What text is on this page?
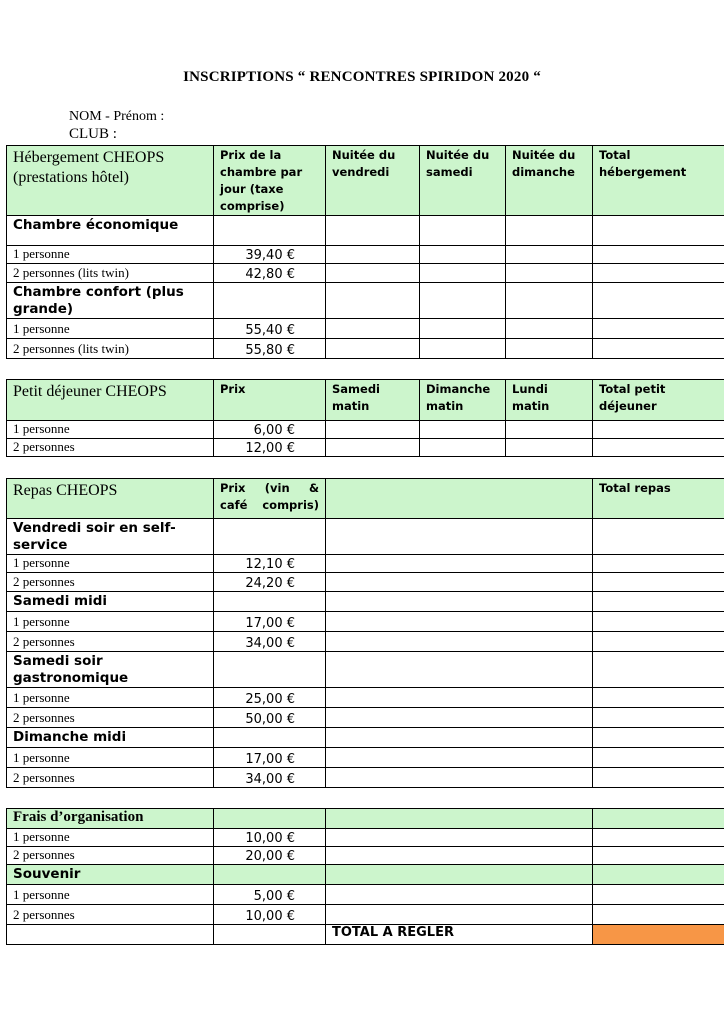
INSCRIPTIONS “ RENCONTRES SPIRIDON 2020 “
NOM - Prénom :
CLUB :
Hébergement CHEOPS (prestations hôtel)	Prix de la chambre par jour (taxe comprise)	Nuitée du vendredi	Nuitée du samedi	Nuitée du dimanche	Total hébergement
Chambre économique					
1 personne	39,40 €				
2 personnes (lits twin)	42,80 €				
Chambre confort (plus grande)					
1 personne	55,40 €				
2 personnes (lits twin)	55,80 €				
Petit déjeuner CHEOPS	Prix	Samedi matin	Dimanche matin	Lundi matin	Total petit déjeuner
1 personne	6,00 €				
2 personnes	12,00 €				
Repas CHEOPS	Prix (vin & café compris)		Total repas
Vendredi soir en self-service			
1 personne	12,10 €		
2 personnes	24,20 €		
Samedi midi			
1 personne	17,00 €		
2 personnes	34,00 €		
Samedi soir gastronomique			
1 personne	25,00 €		
2 personnes	50,00 €		
Dimanche midi			
1 personne	17,00 €		
2 personnes	34,00 €		
Frais d’organisation			
1 personne	10,00 €		
2 personnes	20,00 €		
Souvenir			
1 personne	5,00 €		
2 personnes	10,00 €		
		TOTAL A REGLER	
